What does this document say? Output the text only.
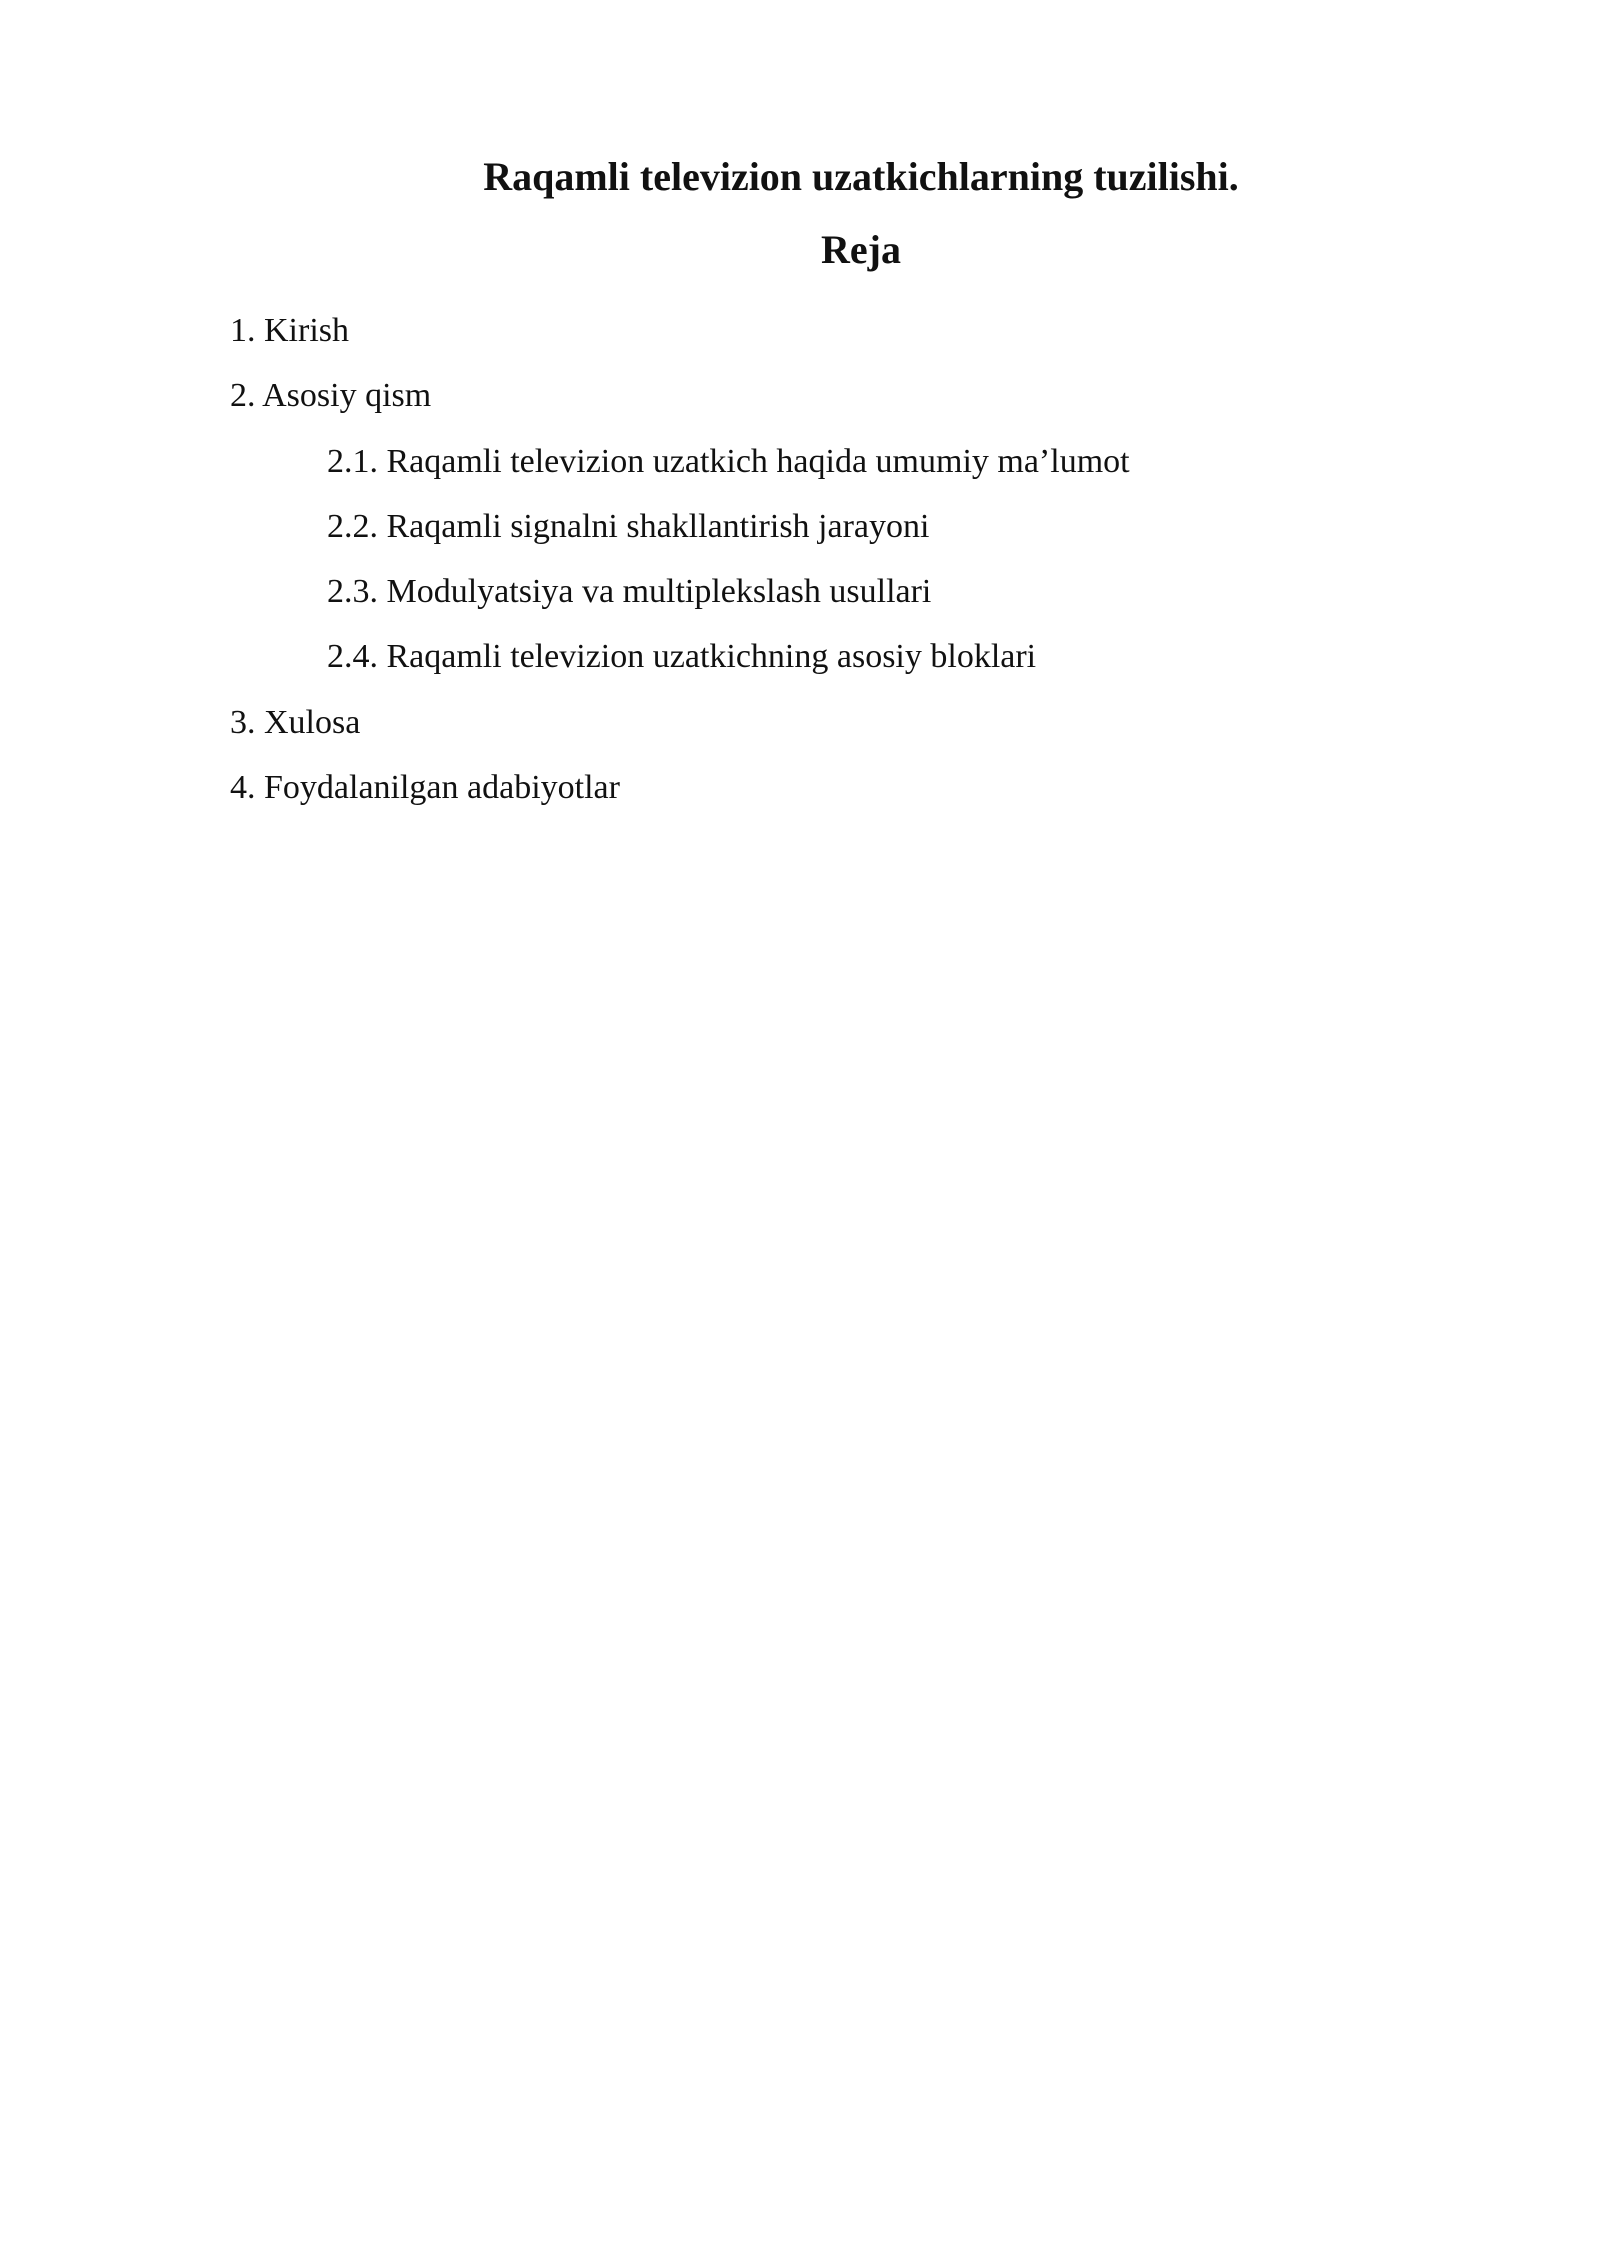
Raqamli televizion uzatkichlarning tuzilishi.
Reja
1. Kirish
2. Asosiy qism
2.1. Raqamli televizion uzatkich haqida umumiy ma’lumot
2.2. Raqamli signalni shakllantirish jarayoni
2.3. Modulyatsiya va multiplekslash usullari
2.4. Raqamli televizion uzatkichning asosiy bloklari
3. Xulosa
4. Foydalanilgan adabiyotlar
